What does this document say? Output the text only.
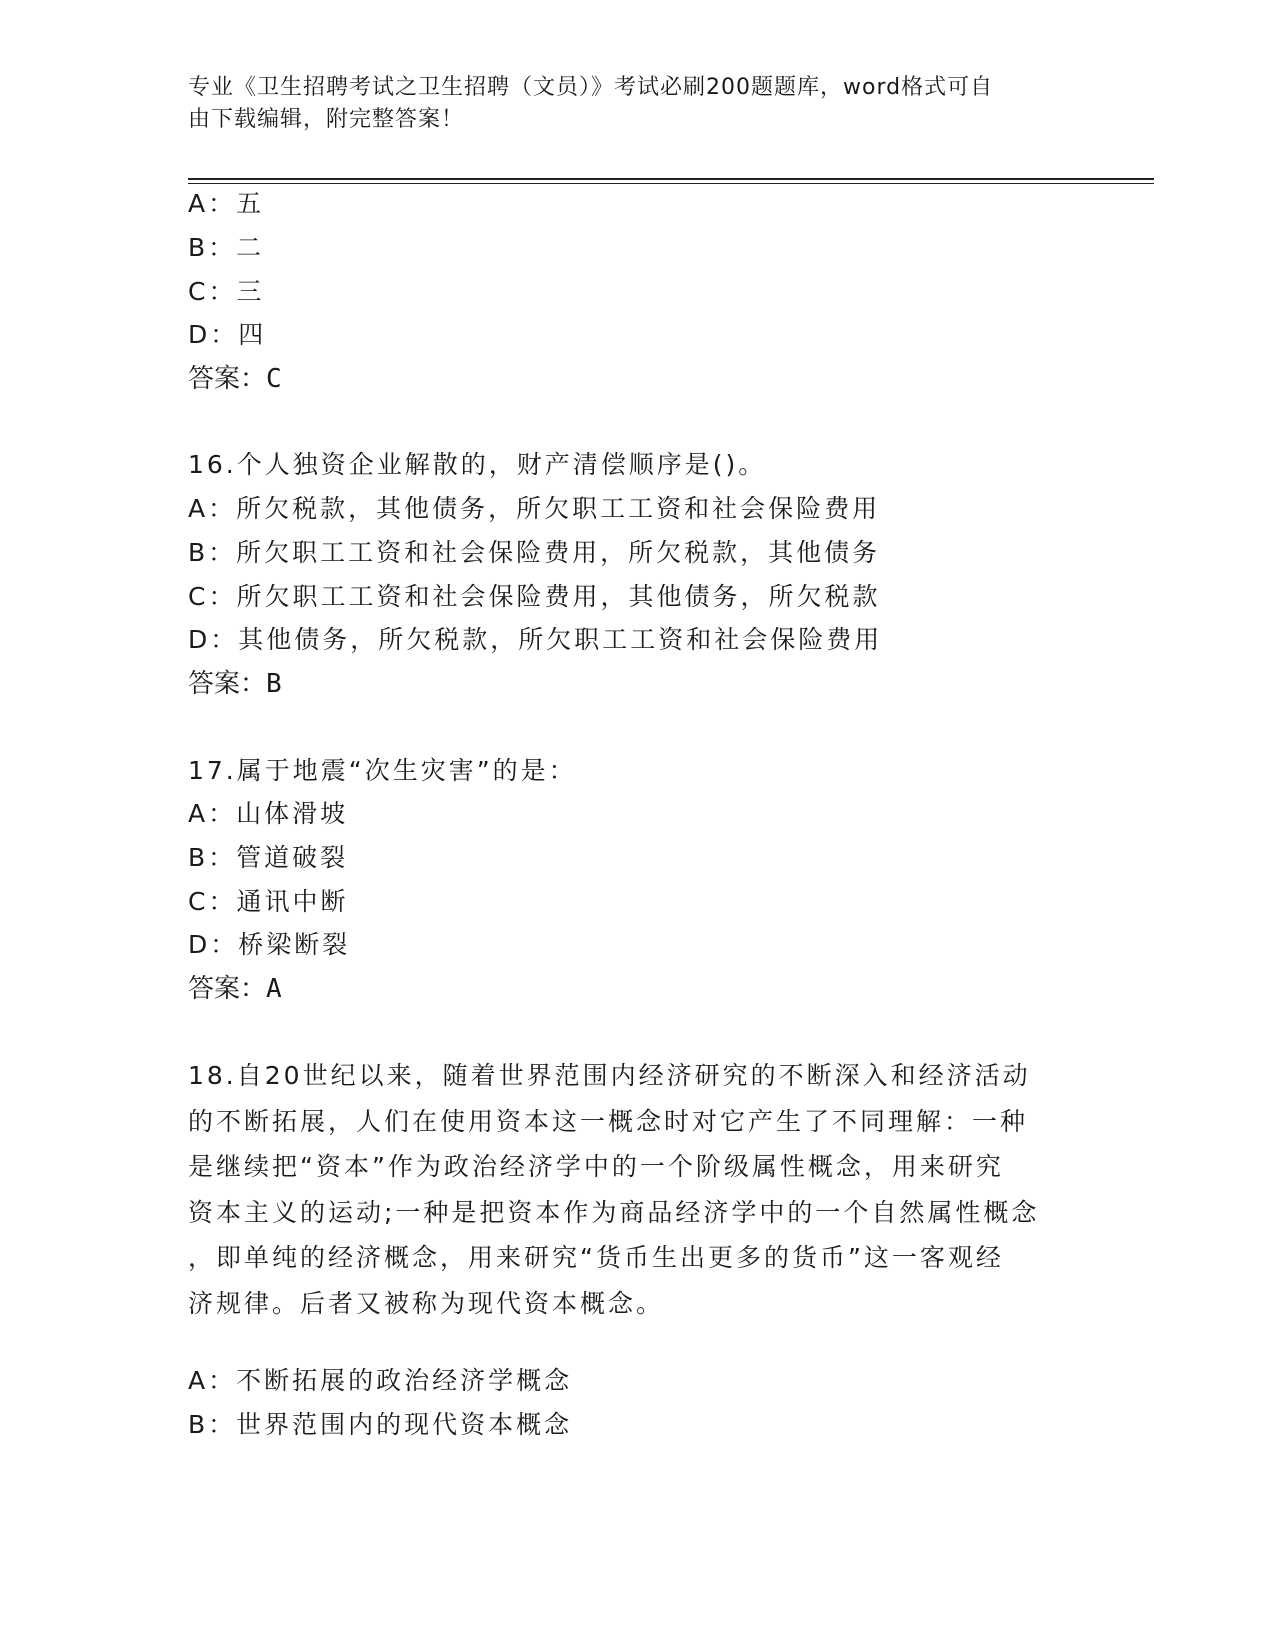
专业《卫生招聘考试之卫生招聘（文员）》考试必刷200题题库，word格式可自
由下载编辑，附完整答案！
A：五
B：二
C：三
D：四
答案：C
16.个人独资企业解散的，财产清偿顺序是()。
A：所欠税款，其他债务，所欠职工工资和社会保险费用
B：所欠职工工资和社会保险费用，所欠税款，其他债务
C：所欠职工工资和社会保险费用，其他债务，所欠税款
D：其他债务，所欠税款，所欠职工工资和社会保险费用
答案：B
17.属于地震“次生灾害”的是：
A：山体滑坡
B：管道破裂
C：通讯中断
D：桥梁断裂
答案：A
18.自20世纪以来，随着世界范围内经济研究的不断深入和经济活动
的不断拓展，人们在使用资本这一概念时对它产生了不同理解：一种
是继续把“资本”作为政治经济学中的一个阶级属性概念，用来研究
资本主义的运动;一种是把资本作为商品经济学中的一个自然属性概念
，即单纯的经济概念，用来研究“货币生出更多的货币”这一客观经
济规律。后者又被称为现代资本概念。
A：不断拓展的政治经济学概念
B：世界范围内的现代资本概念
